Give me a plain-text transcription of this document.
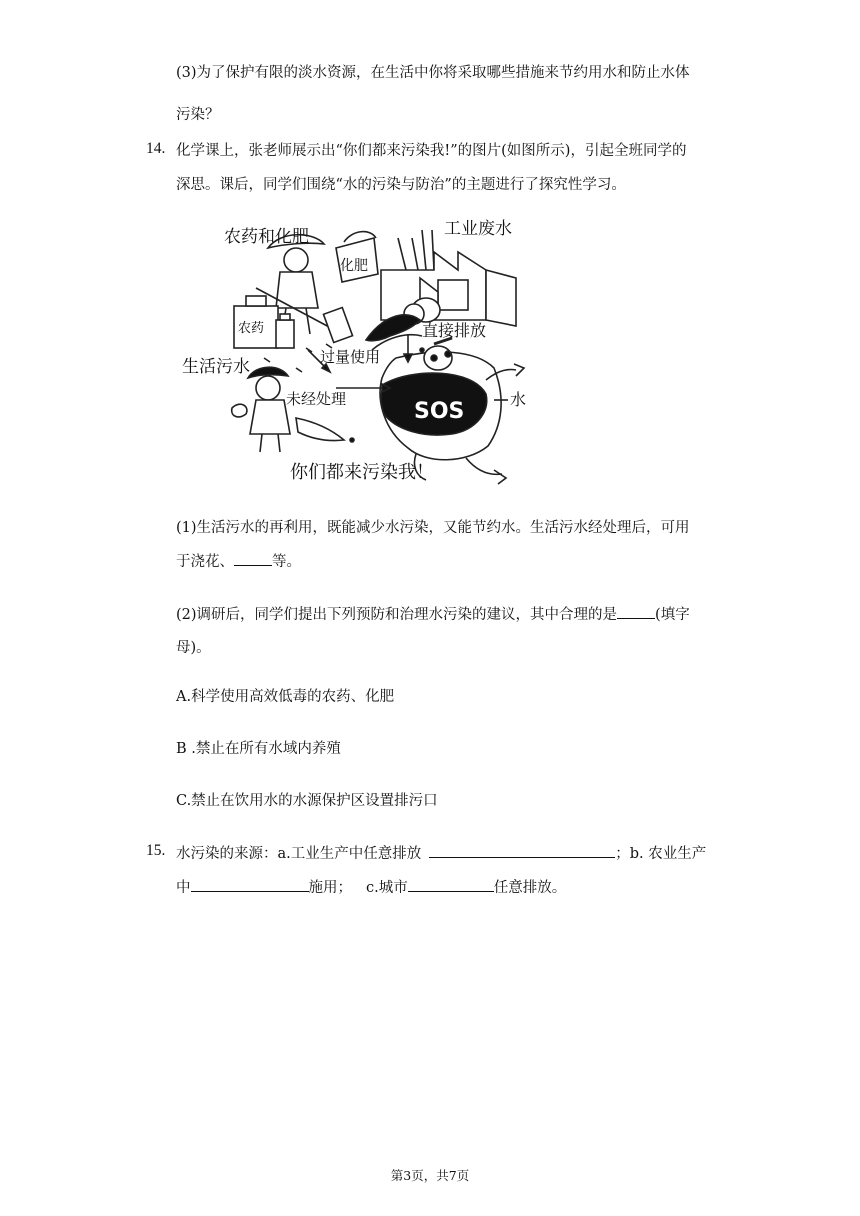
(3)为了保护有限的淡水资源，在生活中你将采取哪些措施来节约用水和防止水体
污染？
14. 化学课上，张老师展示出“你们都来污染我!”的图片(如图所示)，引起全班同学的
深思。课后，同学们围绕“水的污染与防治”的主题进行了探究性学习。
农药和化肥
化肥
农药
工业废水
直接排放
生活污水	过量使用
未经处理	水
SOS
你们都来污染我！
(1)生活污水的再利用，既能减少水污染，又能节约水。生活污水经处理后，可用
于浇花、	等。
(2)调研后，同学们提出下列预防和治理水污染的建议，其中合理的是	(填字
母)。
A.科学使用高效低毒的农药、化肥
B .禁止在所有水域内养殖
C.禁止在饮用水的水源保护区设置排污口
15. 水污染的来源：a.工业生产中任意排放	；b. 农业生产
中	施用； c.城市	任意排放。
第3页，共7页
